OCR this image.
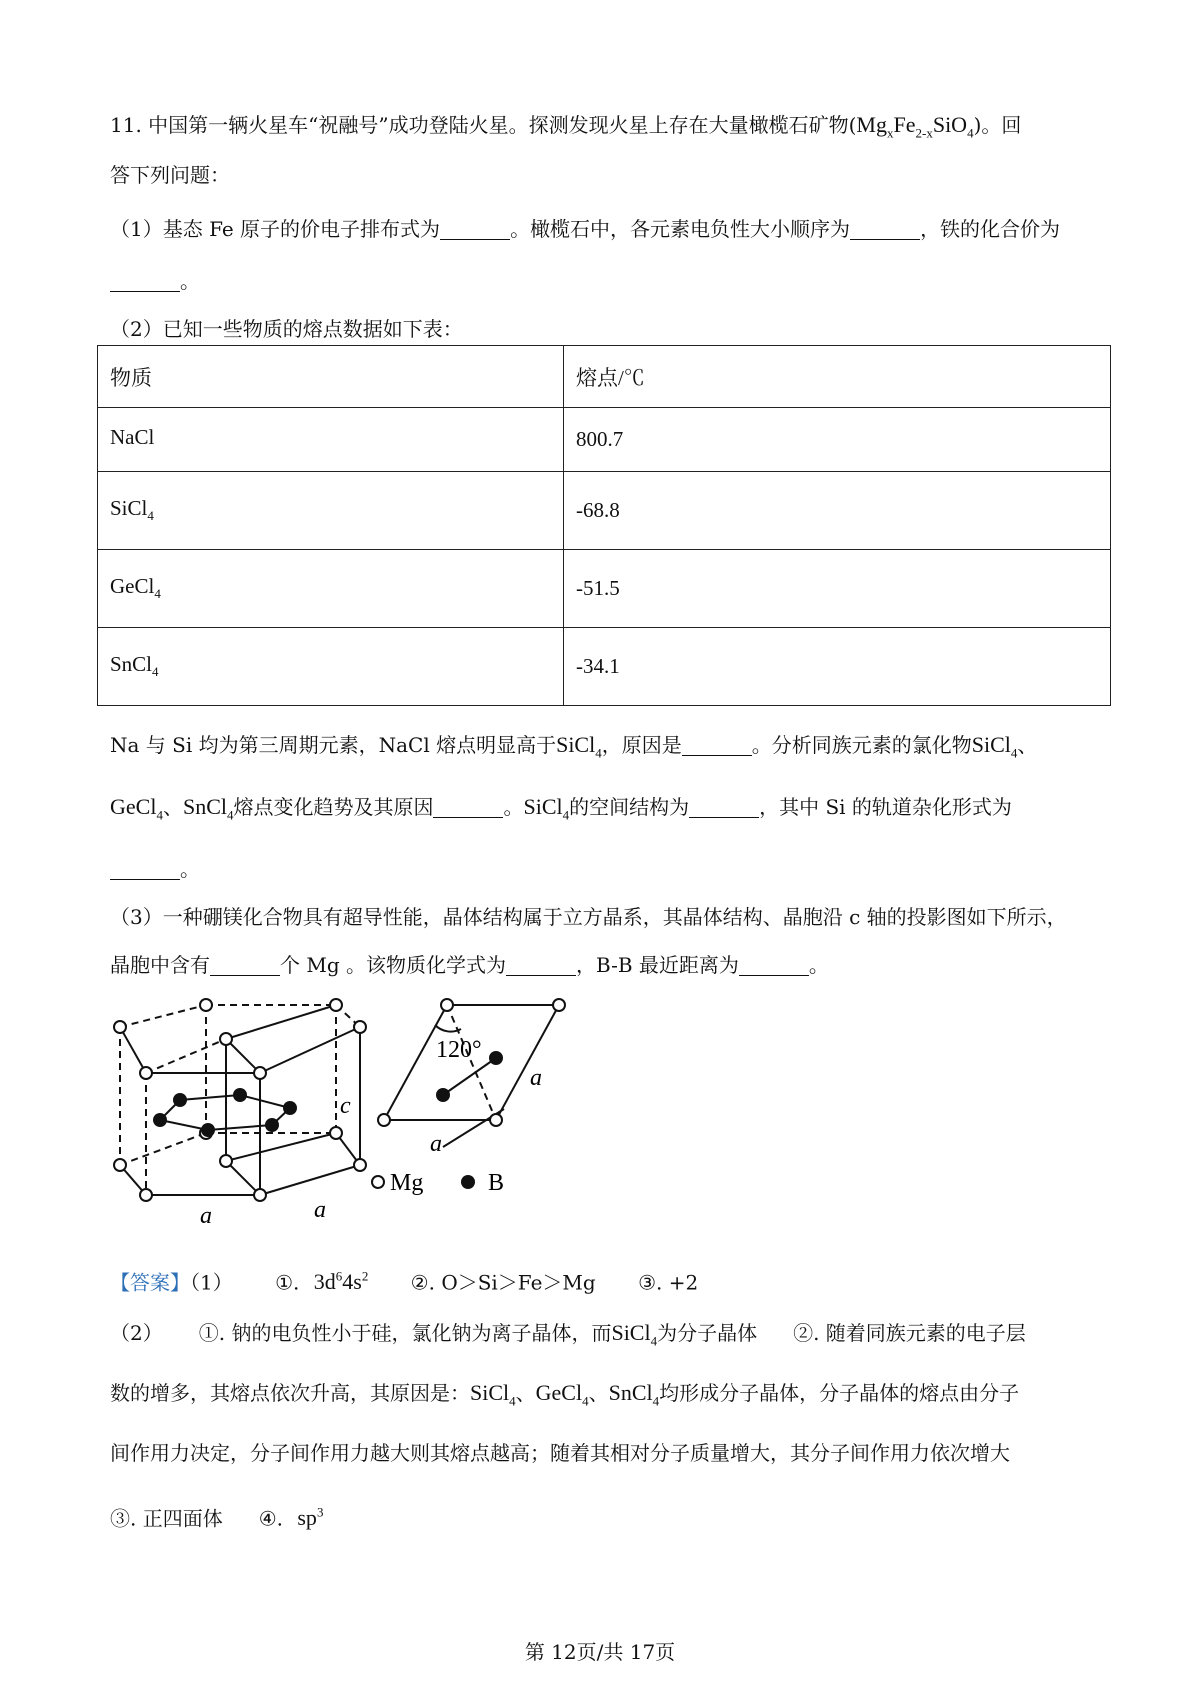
11. 中国第一辆火星车“祝融号”成功登陆火星。探测发现火星上存在大量橄榄石矿物$(Mg_xFe_{2-x}SiO_4)$。回
答下列问题：
（1）基态 Fe 原子的价电子排布式为	。橄榄石中，各元素电负性大小顺序为	，铁的化合价为
。
（2）已知一些物质的熔点数据如下表：
物质	熔点/℃
NaCl	800.7
SiCl$_4$	-68.8
GeCl$_4$	-51.5
SnCl$_4$	-34.1
Na 与 Si 均为第三周期元素，NaCl 熔点明显高于SiCl$_4$，原因是	。分析同族元素的氯化物SiCl$_4$、
GeCl$_4$、SnCl$_4$熔点变化趋势及其原因	。SiCl$_4$的空间结构为	，其中 Si 的轨道杂化形式为
。
（3）一种硼镁化合物具有超导性能，晶体结构属于立方晶系，其晶体结构、晶胞沿 c 轴的投影图如下所示，
晶胞中含有	个 Mg 。该物质化学式为	，B-B 最近距离为	。
a	a
c
120°
a
a
Mg	B
【答案】（1） ①. $3d^64s^2$ ②. O＞Si＞Fe＞Mg ③. +2
（2） ①. 钠的电负性小于硅，氯化钠为离子晶体，而SiCl$_4$为分子晶体 ②. 随着同族元素的电子层
数的增多，其熔点依次升高，其原因是：SiCl$_4$、GeCl$_4$、SnCl$_4$均形成分子晶体，分子晶体的熔点由分子
间作用力决定，分子间作用力越大则其熔点越高；随着其相对分子质量增大，其分子间作用力依次增大
③. 正四面体 ④. $sp^3$
第 12页/共 17页
